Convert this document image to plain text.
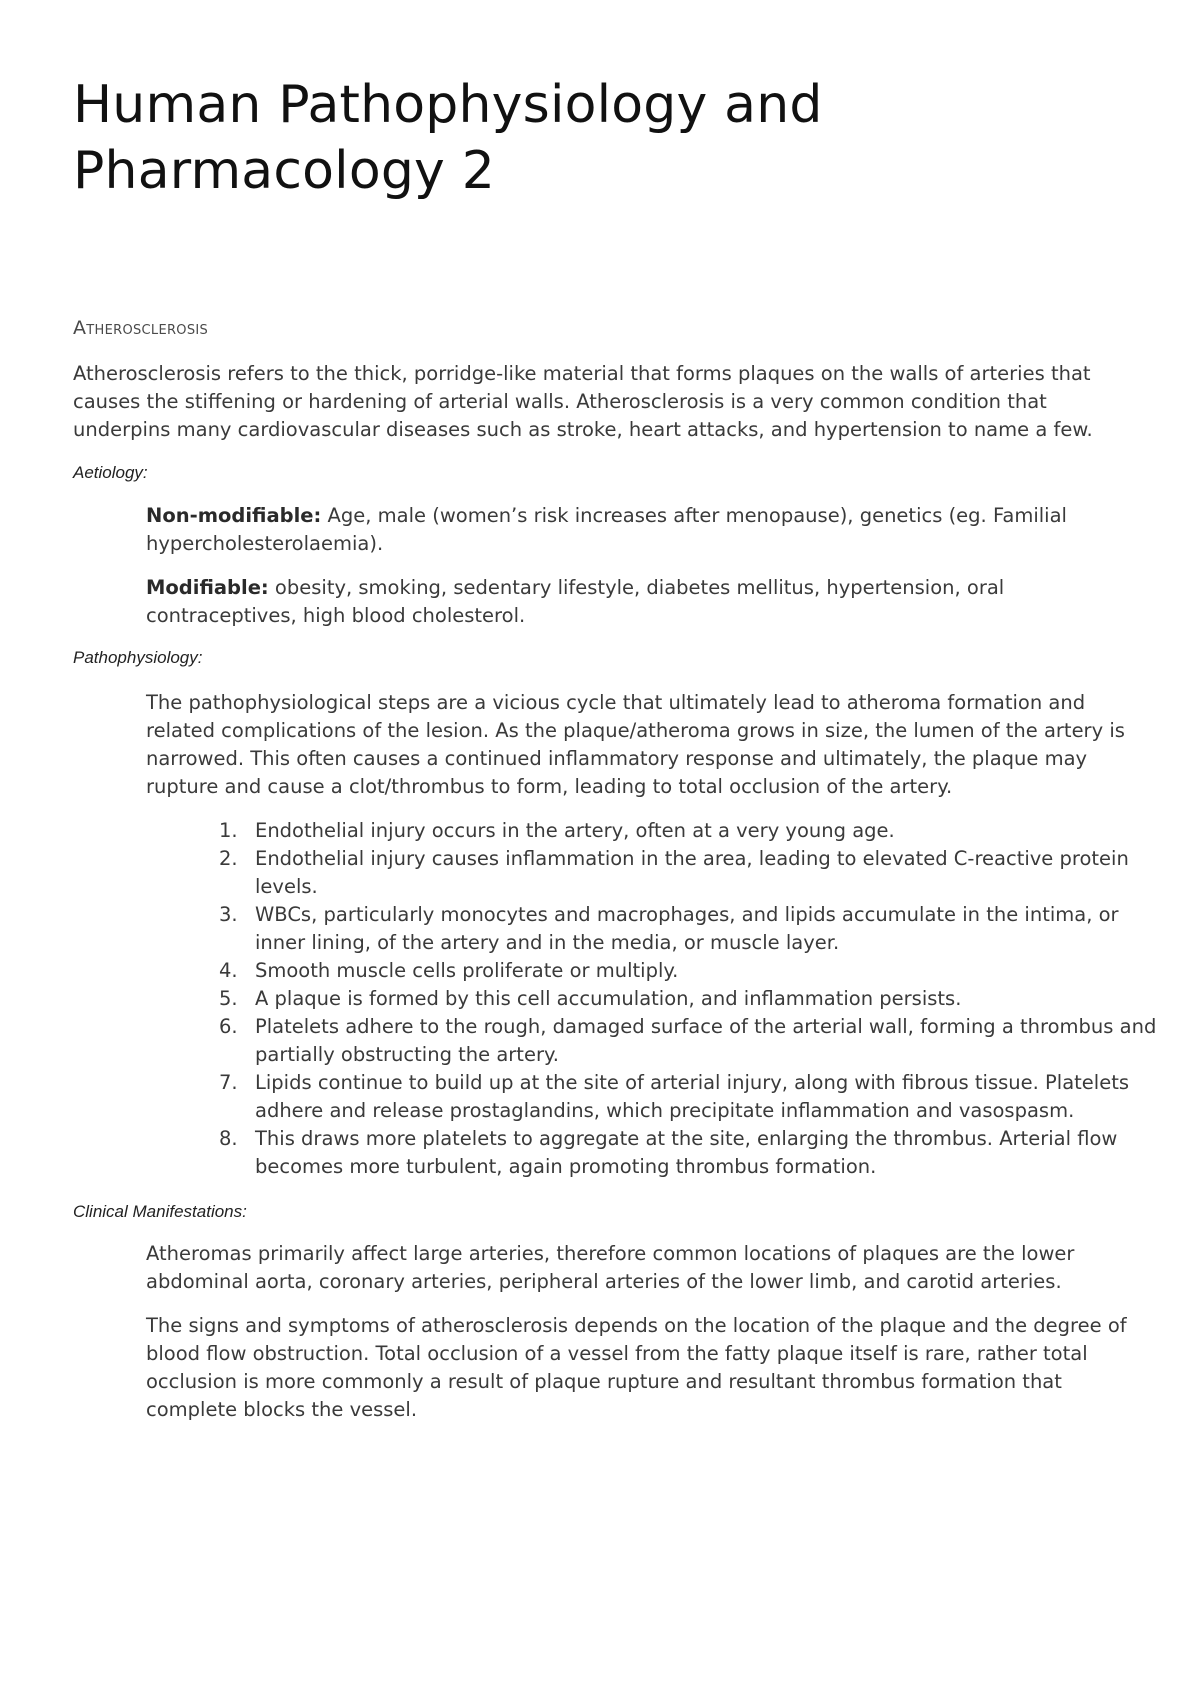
Human Pathophysiology and
Pharmacology 2
Atherosclerosis

Atherosclerosis refers to the thick, porridge-like material that forms plaques on the walls of arteries that causes the stiffening or hardening of arterial walls. Atherosclerosis is a very common condition that underpins many cardiovascular diseases such as stroke, heart attacks, and hypertension to name a few.

Aetiology:

Non-modifiable: Age, male (women’s risk increases after menopause), genetics (eg. Familial hypercholesterolaemia).

Modifiable: obesity, smoking, sedentary lifestyle, diabetes mellitus, hypertension, oral contraceptives, high blood cholesterol.

Pathophysiology:

The pathophysiological steps are a vicious cycle that ultimately lead to atheroma formation and related complications of the lesion. As the plaque/atheroma grows in size, the lumen of the artery is narrowed. This often causes a continued inflammatory response and ultimately, the plaque may rupture and cause a clot/thrombus to form, leading to total occlusion of the artery.

1. Endothelial injury occurs in the artery, often at a very young age.
2. Endothelial injury causes inflammation in the area, leading to elevated C-reactive protein levels.
3. WBCs, particularly monocytes and macrophages, and lipids accumulate in the intima, or inner lining, of the artery and in the media, or muscle layer.
4. Smooth muscle cells proliferate or multiply.
5. A plaque is formed by this cell accumulation, and inflammation persists.
6. Platelets adhere to the rough, damaged surface of the arterial wall, forming a thrombus and partially obstructing the artery.
7. Lipids continue to build up at the site of arterial injury, along with fibrous tissue. Platelets adhere and release prostaglandins, which precipitate inflammation and vasospasm.
8. This draws more platelets to aggregate at the site, enlarging the thrombus. Arterial flow becomes more turbulent, again promoting thrombus formation.

Clinical Manifestations:

Atheromas primarily affect large arteries, therefore common locations of plaques are the lower abdominal aorta, coronary arteries, peripheral arteries of the lower limb, and carotid arteries.

The signs and symptoms of atherosclerosis depends on the location of the plaque and the degree of blood flow obstruction. Total occlusion of a vessel from the fatty plaque itself is rare, rather total occlusion is more commonly a result of plaque rupture and resultant thrombus formation that complete blocks the vessel.
